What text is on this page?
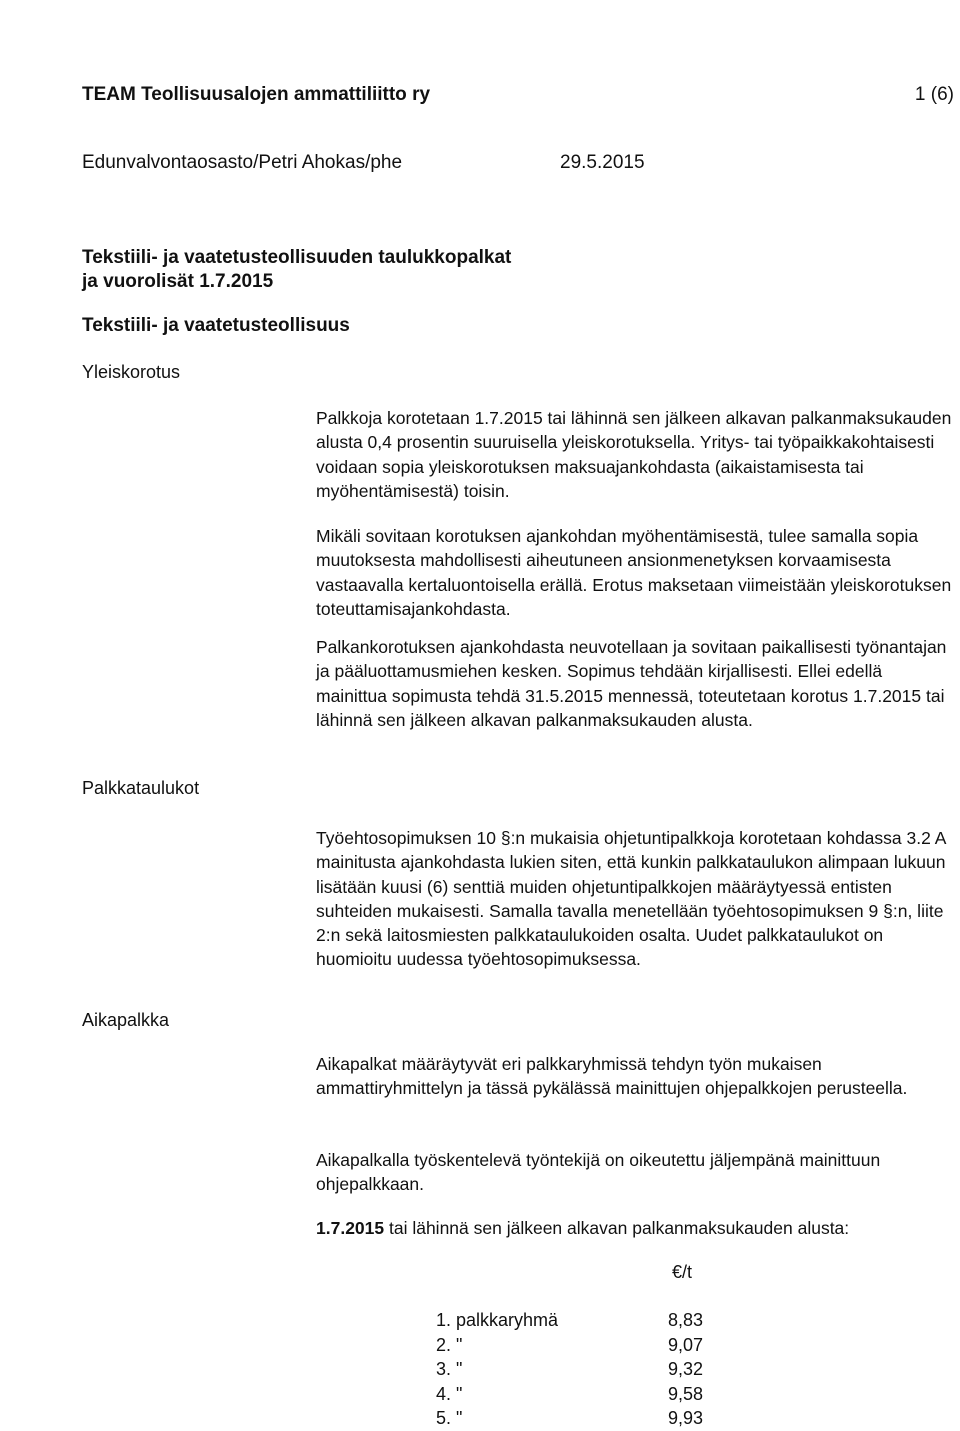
TEAM Teollisuusalojen ammattiliitto ry	1 (6)
Edunvalvontaosasto/Petri Ahokas/phe	29.5.2015
Tekstiili- ja vaatetusteollisuuden taulukkopalkat
ja vuorolisät 1.7.2015
Tekstiili- ja vaatetusteollisuus
Yleiskorotus
Palkkataulukot
Aikapalkka

Palkkoja korotetaan 1.7.2015 tai lähinnä sen jälkeen alkavan palkanmaksukauden alusta 0,4 prosentin suuruisella yleiskorotuksella. Yritys- tai työpaikkakohtaisesti voidaan sopia yleiskorotuksen maksuajankohdasta (aikaistamisesta tai myöhentämisestä) toisin.

Mikäli sovitaan korotuksen ajankohdan myöhentämisestä, tulee samalla sopia muutoksesta mahdollisesti aiheutuneen ansionmenetyksen korvaamisesta vastaavalla kertaluontoisella erällä. Erotus maksetaan viimeistään yleiskorotuksen toteuttamisajankohdasta.

Palkankorotuksen ajankohdasta neuvotellaan ja sovitaan paikallisesti työnantajan ja pääluottamusmiehen kesken. Sopimus tehdään kirjallisesti. Ellei edellä mainittua sopimusta tehdä 31.5.2015 mennessä, toteutetaan korotus 1.7.2015 tai lähinnä sen jälkeen alkavan palkanmaksukauden alusta.

Työehtosopimuksen 10 §:n mukaisia ohjetuntipalkkoja korotetaan kohdassa 3.2 A mainitusta ajankohdasta lukien siten, että kunkin palkkataulukon alimpaan lukuun lisätään kuusi (6) senttiä muiden ohjetuntipalkkojen määräytyessä entisten suhteiden mukaisesti. Samalla tavalla menetellään työehtosopimuksen 9 §:n, liite 2:n sekä laitosmiesten palkkataulukoiden osalta. Uudet palkkataulukot on huomioitu uudessa työehtosopimuksessa.

Aikapalkat määräytyvät eri palkkaryhmissä tehdyn työn mukaisen ammattiryhmittelyn ja tässä pykälässä mainittujen ohjepalkkojen perusteella.

Aikapalkalla työskentelevä työntekijä on oikeutettu jäljempänä mainittuun ohjepalkkaan.

1.7.2015 tai lähinnä sen jälkeen alkavan palkanmaksukauden alusta:

€/t
1. palkkaryhmä	8,83
2. "	9,07
3. "	9,32
4. "	9,58
5. "	9,93
